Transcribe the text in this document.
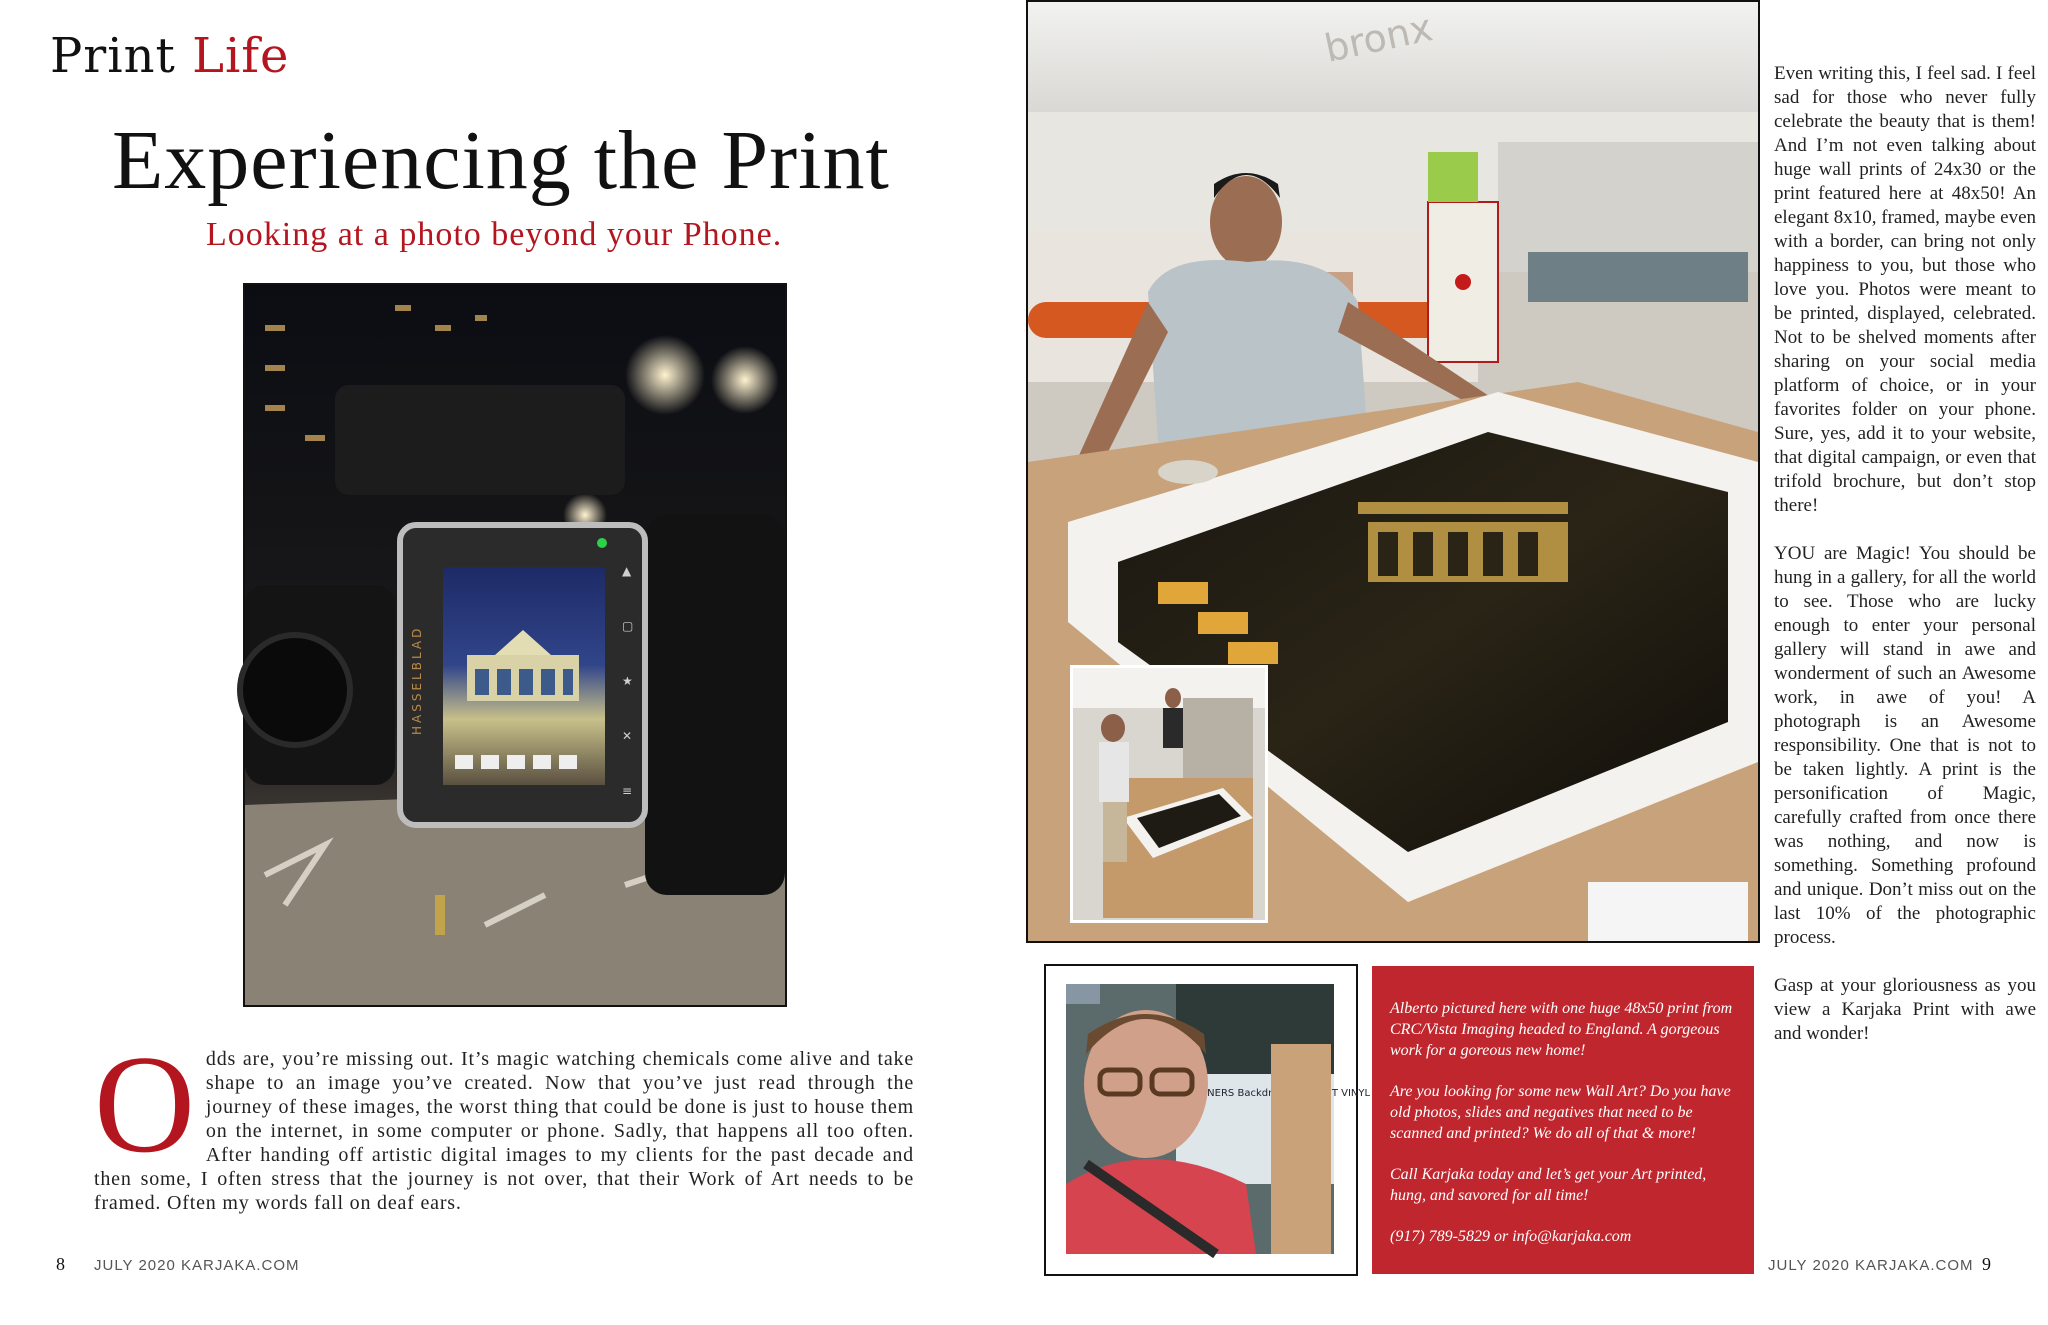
Print Life
Experiencing the Print
Looking at a photo beyond your Phone.
HASSELBLAD
▲
▢
★
✕
≡
O dds are, you’re missing out. It’s magic watching chemicals come alive and take shape to an image you’ve created. Now that you’ve just read through the journey of these images, the worst thing that could be done is just to house them on the internet, in some computer or phone. Sadly, that happens all too often. After handing off artistic digital images to my clients for the past decade and then some, I often stress that the journey is not over, that their Work of Art needs to be framed. Often my words fall on deaf ears.
8 JULY 2020 KARJAKA.COM
bronx
BANNERS Backdrops VINYL

Alberto pictured here with one huge 48x50 print from CRC/Vista Imaging headed to England. A gorgeous work for a goreous new home!

Are you looking for some new Wall Art? Do you have old photos, slides and negatives that need to be scanned and printed? We do all of that & more!

Call Karjaka today and let’s get your Art printed, hung, and savored for all time!

(917) 789-5829 or info@karjaka.com

Even writing this, I feel sad. I feel sad for those who never fully celebrate the beauty that is them! And I’m not even talking about huge wall prints of 24x30 or the print featured here at 48x50! An elegant 8x10, framed, maybe even with a border, can bring not only happiness to you, but those who love you. Photos were meant to be printed, displayed, celebrated. Not to be shelved moments after sharing on your social media platform of choice, or in your favorites folder on your phone. Sure, yes, add it to your website, that digital campaign, or even that trifold brochure, but don’t stop there!

YOU are Magic! You should be hung in a gallery, for all the world to see. Those who are lucky enough to enter your personal gallery will stand in awe and wonderment of such an Awesome work, in awe of you! A photograph is an Awesome responsibility. One that is not to be taken lightly. A print is the personification of Magic, carefully crafted from once there was nothing, and now is something. Something profound and unique. Don’t miss out on the last 10% of the photographic process.

Gasp at your gloriousness as you view a Karjaka Print with awe and wonder!

JULY 2020 KARJAKA.COM 9
